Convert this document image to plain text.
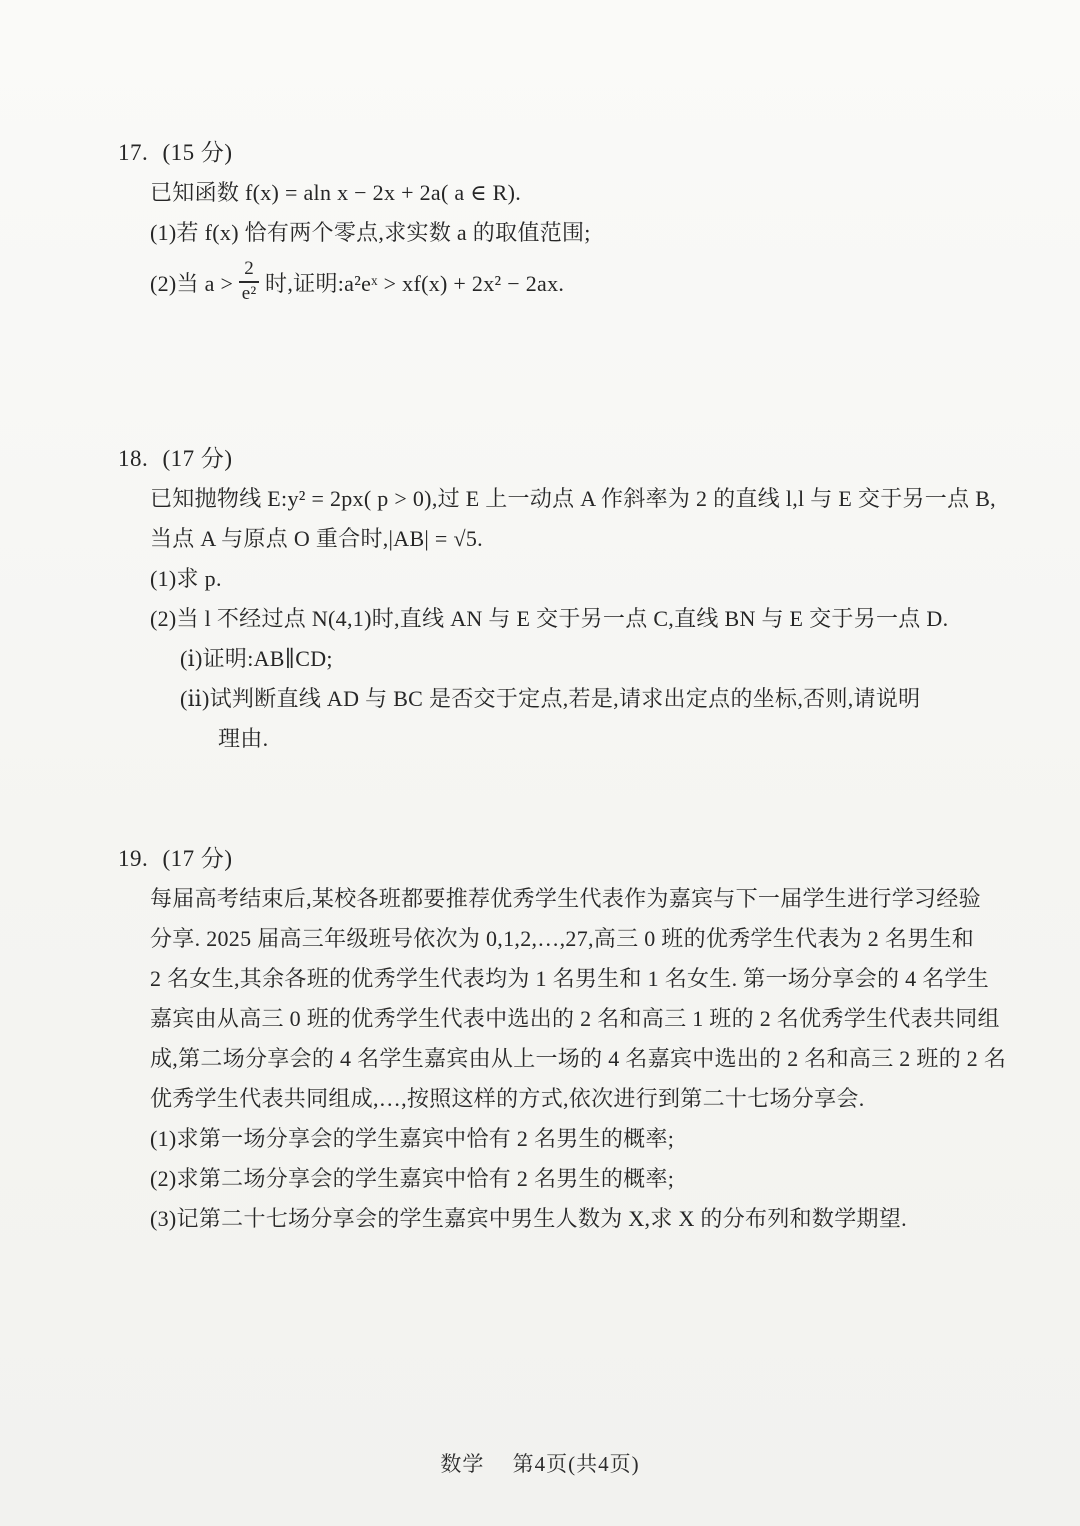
17. (15 分)
已知函数 f(x) = aln x − 2x + 2a( a ∈ R).
(1)若 f(x) 恰有两个零点,求实数 a 的取值范围;
(2)当 $a > \frac{2}{\text{e²}}$ 时,证明:a²eˣ > xf(x) + 2x² − 2ax.
18. (17 分)
已知抛物线 E:y² = 2px( p > 0),过 E 上一动点 A 作斜率为 2 的直线 l,l 与 E 交于另一点 B,
当点 A 与原点 O 重合时,|AB| = √5.
(1)求 p.
(2)当 l 不经过点 N(4,1)时,直线 AN 与 E 交于另一点 C,直线 BN 与 E 交于另一点 D.
(ⅰ)证明:AB∥CD;
(ⅱ)试判断直线 AD 与 BC 是否交于定点,若是,请求出定点的坐标,否则,请说明
理由.
19. (17 分)
每届高考结束后,某校各班都要推荐优秀学生代表作为嘉宾与下一届学生进行学习经验
分享. 2025 届高三年级班号依次为 0,1,2,…,27,高三 0 班的优秀学生代表为 2 名男生和
2 名女生,其余各班的优秀学生代表均为 1 名男生和 1 名女生. 第一场分享会的 4 名学生
嘉宾由从高三 0 班的优秀学生代表中选出的 2 名和高三 1 班的 2 名优秀学生代表共同组
成,第二场分享会的 4 名学生嘉宾由从上一场的 4 名嘉宾中选出的 2 名和高三 2 班的 2 名
优秀学生代表共同组成,…,按照这样的方式,依次进行到第二十七场分享会.
(1)求第一场分享会的学生嘉宾中恰有 2 名男生的概率;
(2)求第二场分享会的学生嘉宾中恰有 2 名男生的概率;
(3)记第二十七场分享会的学生嘉宾中男生人数为 X,求 X 的分布列和数学期望.
数学 第4页(共4页)
